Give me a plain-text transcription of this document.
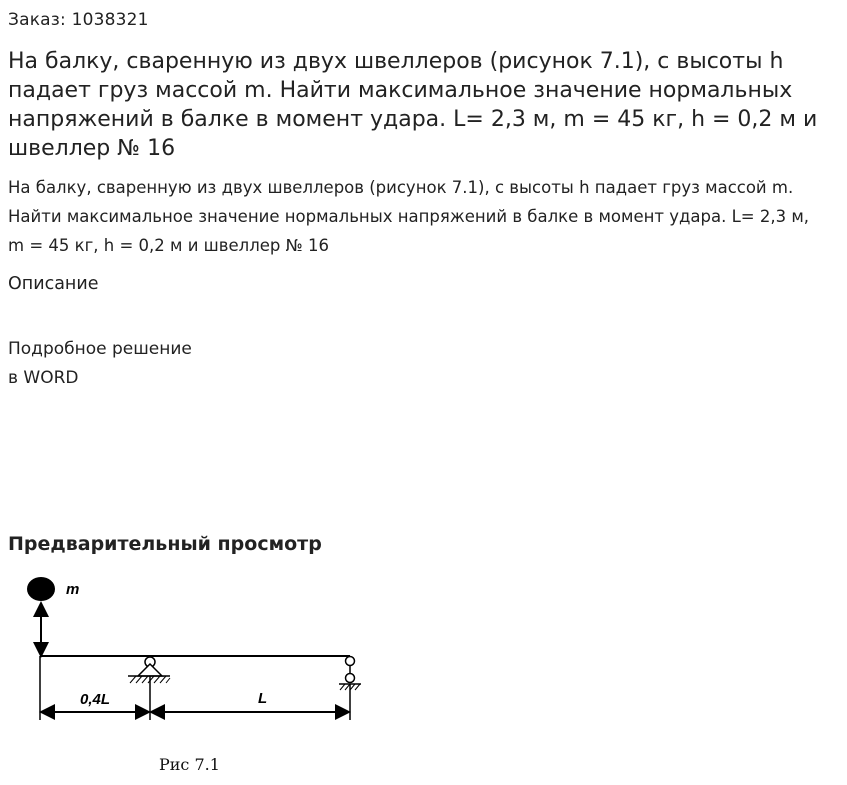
Заказ: 1038321
На балку, сваренную из двух швеллеров (рисунок 7.1), с высоты h падает груз массой m. Найти максимальное значение нормальных напряжений в балке в момент удара. L= 2,3 м, m = 45 кг, h = 0,2 м и швеллер № 16

На балку, сваренную из двух швеллеров (рисунок 7.1), с высоты h падает груз массой m. Найти максимальное значение нормальных напряжений в балке в момент удара. L= 2,3 м, m = 45 кг, h = 0,2 м и швеллер № 16

Описание
Подробное решение
в WORD
Предварительный просмотр
m
0,4L	L
Рис 7.1
